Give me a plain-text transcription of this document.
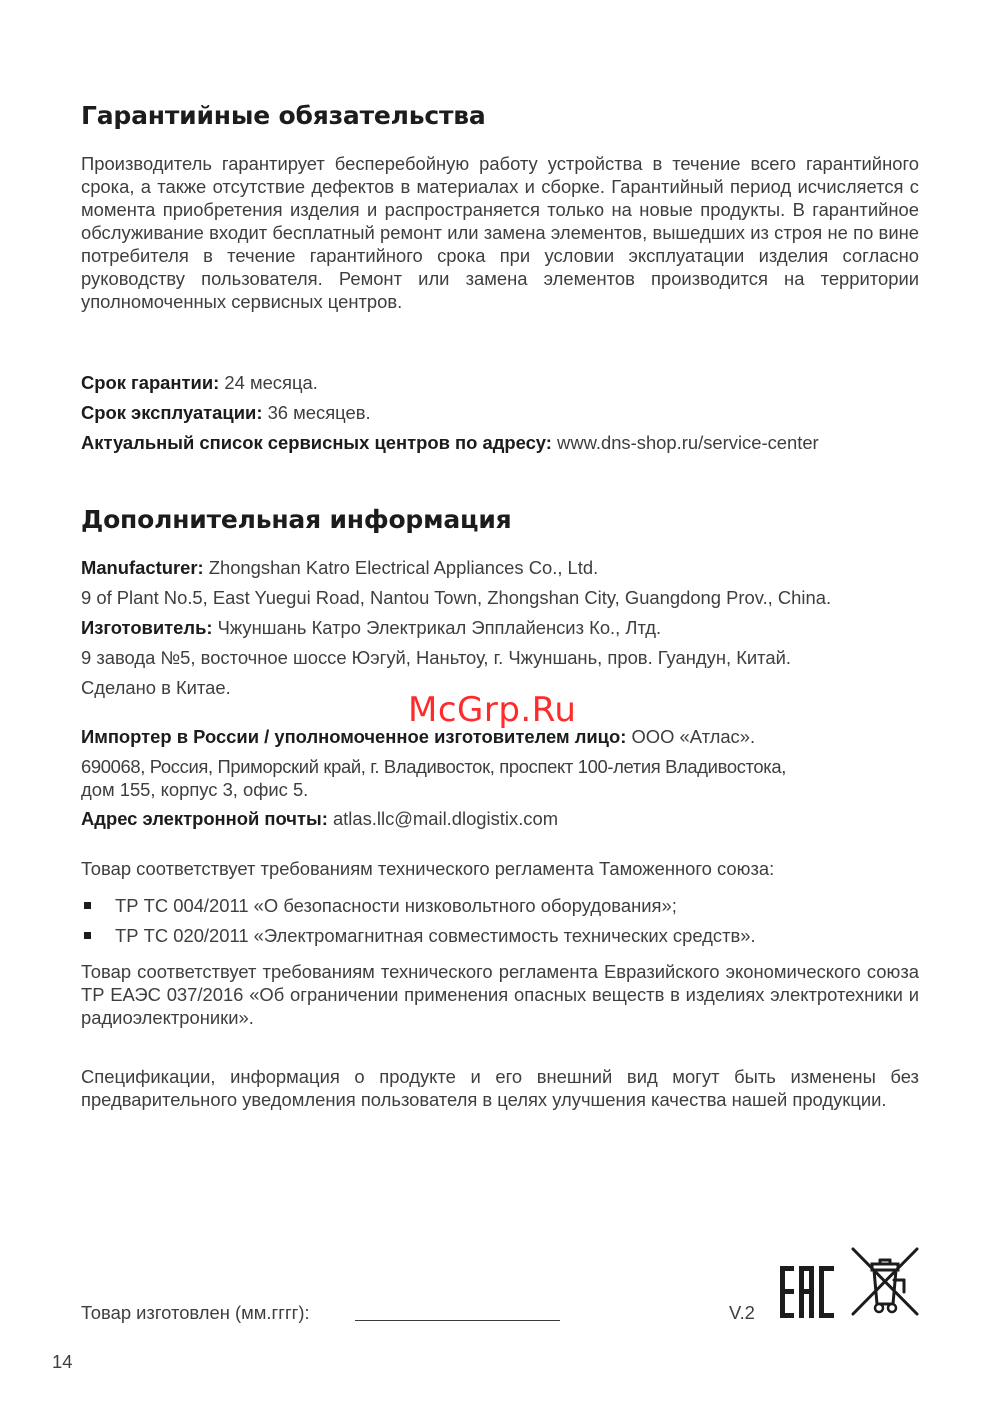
Гарантийные обязательства
Производитель гарантирует бесперебойную работу устройства в течение всего гарантийного срока, а также отсутствие дефектов в материалах и сборке. Гарантийный период исчисляется с момента приобретения изделия и распространяется только на новые продукты. В гарантийное обслуживание входит бесплатный ремонт или замена элементов, вышедших из строя не по вине потребителя в течение гарантийного срока при условии эксплуатации изделия согласно руководству пользователя. Ремонт или замена элементов производится на территории уполномоченных сервисных центров.
Срок гарантии: 24 месяца.
Срок эксплуатации: 36 месяцев.
Актуальный список сервисных центров по адресу: www.dns-shop.ru/service-center
Дополнительная информация
Manufacturer: Zhongshan Katro Electrical Appliances Co., Ltd.
9 of Plant No.5, East Yuegui Road, Nantou Town, Zhongshan City, Guangdong Prov., China.
Изготовитель: Чжуншань Катро Электрикал Эпплайенсиз Ко., Лтд.
9 завода №5, восточное шоссе Юэгуй, Наньтоу, г. Чжуншань, пров. Гуандун, Китай.
Сделано в Китае.
Импортер в России / уполномоченное изготовителем лицо: ООО «Атлас».
690068, Россия, Приморский край, г. Владивосток, проспект 100-летия Владивостока,
дом 155, корпус 3, офис 5.
Адрес электронной почты: atlas.llc@mail.dlogistix.com
Товар соответствует требованиям технического регламента Таможенного союза:
ТР ТС 004/2011 «О безопасности низковольтного оборудования»;
ТР ТС 020/2011 «Электромагнитная совместимость технических средств».
Товар соответствует требованиям технического регламента Евразийского экономического союза ТР ЕАЭС 037/2016 «Об ограничении применения опасных веществ в изделиях электротехники и радиоэлектроники».
Спецификации, информация о продукте и его внешний вид могут быть изменены без предварительного уведомления пользователя в целях улучшения качества нашей продукции.
McGrp.Ru
Товар изготовлен (мм.гггг):	V.2
14
